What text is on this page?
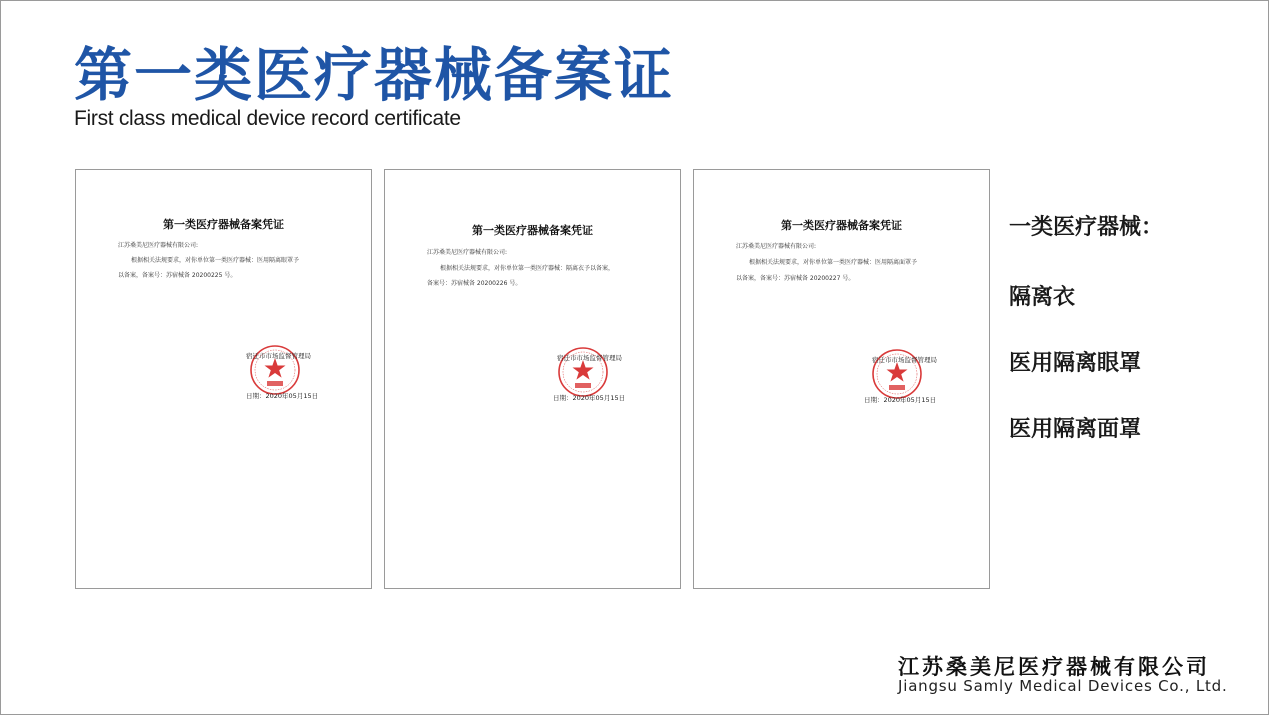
第一类医疗器械备案证

First class medical device record certificate

第一类医疗器械备案凭证
江苏桑美尼医疗器械有限公司:
根据相关法规要求，对你单位第一类医疗器械：医用隔离眼罩予
以备案，备案号：苏宿械备 20200225 号。
宿迁市市场监督管理局
日期：2020年05月15日
第一类医疗器械备案凭证
江苏桑美尼医疗器械有限公司:
根据相关法规要求，对你单位第一类医疗器械：隔离衣予以备案，
备案号：苏宿械备 20200226 号。
宿迁市市场监督管理局
日期：2020年05月15日
第一类医疗器械备案凭证
江苏桑美尼医疗器械有限公司:
根据相关法规要求，对你单位第一类医疗器械：医用隔离面罩予
以备案，备案号：苏宿械备 20200227 号。
宿迁市市场监督管理局
日期：2020年05月15日
一类医疗器械：
隔离衣
医用隔离眼罩
医用隔离面罩
江苏桑美尼医疗器械有限公司
Jiangsu Samly Medical Devices Co., Ltd.
